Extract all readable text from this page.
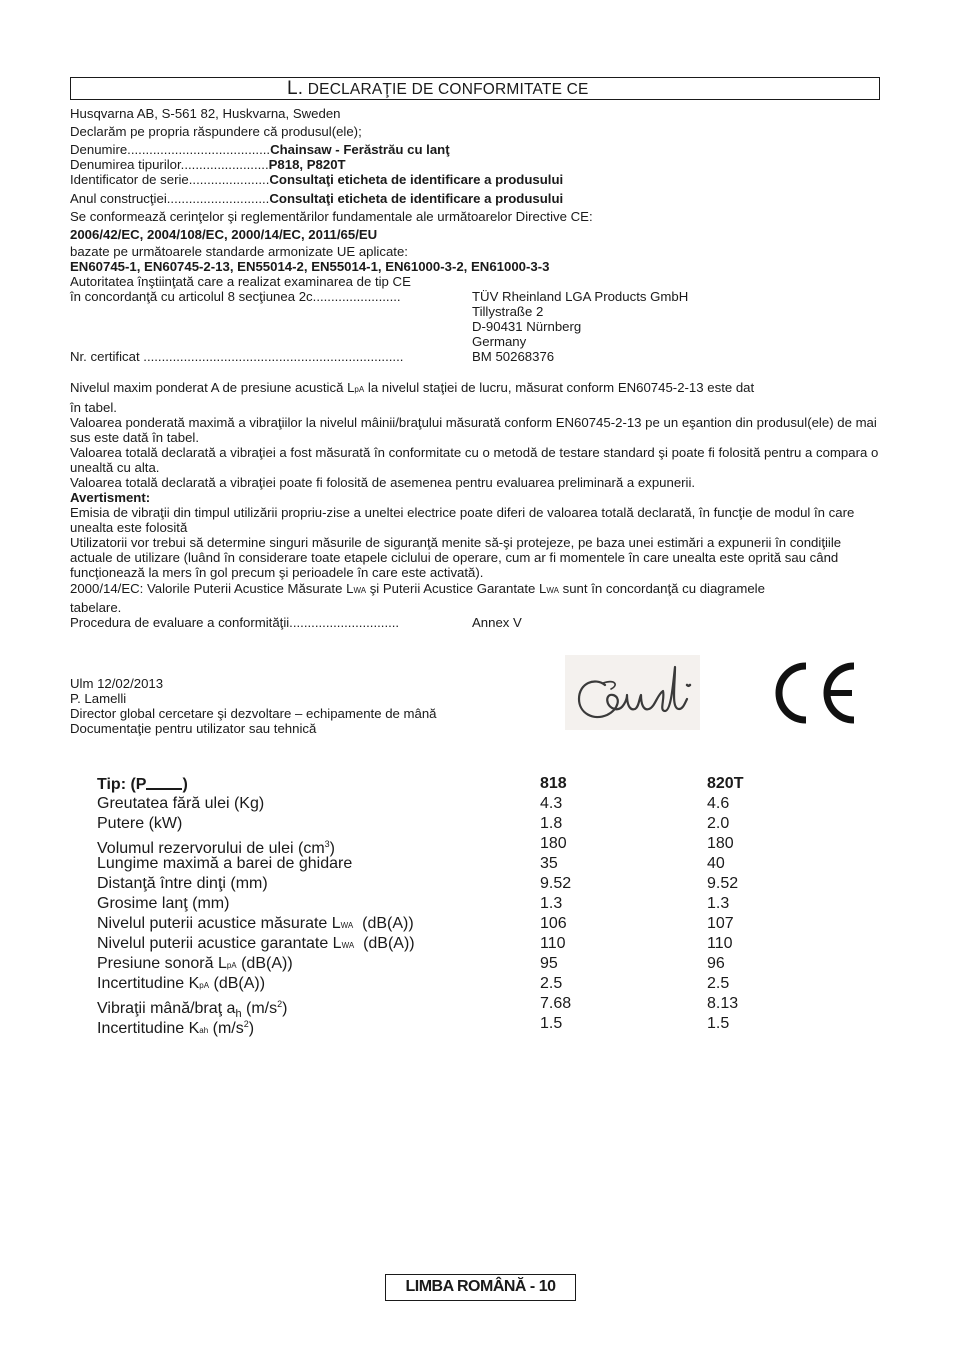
L. DECLARAŢIE DE CONFORMITATE CE
Husqvarna AB, S-561 82, Huskvarna, Sweden
Declarăm pe propria răspundere că produsul(ele);
Denumire.......................................Chainsaw - Ferăstrău cu lanţ
Denumirea tipurilor........................P818, P820T
Identificator de serie......................Consultaţi eticheta de identificare a produsului
Anul construcţiei............................Consultaţi eticheta de identificare a produsului
Se conformează cerinţelor şi reglementărilor fundamentale ale următoarelor Directive CE:
2006/42/EC, 2004/108/EC, 2000/14/EC, 2011/65/EU
bazate pe următoarele standarde armonizate UE aplicate:
EN60745-1, EN60745-2-13, EN55014-2, EN55014-1, EN61000-3-2, EN61000-3-3
Autoritatea înştiinţată care a realizat examinarea de tip CE
în concordanţă cu articolul 8 secţiunea 2c........................	TÜV Rheinland LGA Products GmbH
Tillystraße 2
D-90431 Nürnberg
Germany
Nr. certificat .......................................................................	BM 50268376
Nivelul maxim ponderat A de presiune acustică LpA la nivelul staţiei de lucru, măsurat conform EN60745-2-13 este dat
în tabel.

Valoarea ponderată maximă a vibraţiilor la nivelul mâinii/braţului măsurată conform EN60745-2-13 pe un eşantion din produsul(ele) de mai sus este dată în tabel.

Valoarea totală declarată a vibraţiei a fost măsurată în conformitate cu o metodă de testare standard şi poate fi folosită pentru a compara o unealtă cu alta.

Valoarea totală declarată a vibraţiei poate fi folosită de asemenea pentru evaluarea preliminară a expunerii.

Avertisment:

Emisia de vibraţii din timpul utilizării propriu-zise a uneltei electrice poate diferi de valoarea totală declarată, în funcţie de modul în care unealta este folosită

Utilizatorii vor trebui să determine singuri măsurile de siguranţă menite să-şi protejeze, pe baza unei estimări a expunerii în condiţiile actuale de utilizare (luând în considerare toate etapele ciclului de operare, cum ar fi momentele în care unealta este oprită sau când funcţionează la mers în gol precum şi perioadele în care este activată).

2000/14/EC: Valorile Puterii Acustice Măsurate LWA şi Puterii Acustice Garantate LWA sunt în concordanţă cu diagramele
tabelare.
Procedura de evaluare a conformităţii..............................	Annex V
Ulm 12/02/2013
P. Lamelli
Director global cercetare şi dezvoltare – echipamente de mână
Documentaţie pentru utilizator sau tehnică
Tip: (P )	818	820T
Greutatea fără ulei (Kg)	4.3	4.6
Putere (kW)	1.8	2.0
Volumul rezervorului de ulei $(cm^3)$	180	180
Lungime maximă a barei de ghidare	35	40
Distanţă între dinţi (mm)	9.52	9.52
Grosime lanţ (mm)	1.3	1.3
Nivelul puterii acustice măsurate LWA  (dB(A))	106	107
Nivelul puterii acustice garantate LWA  (dB(A))	110	110
Presiune sonoră LpA (dB(A))	95	96
Incertitudine KpA (dB(A))	2.5	2.5
Vibraţii mână/braţ $a_h$ $(m/s^2)$	7.68	8.13
Incertitudine Kah $(m/s^2)$	1.5	1.5
LIMBA ROMÂNĂ - 10
